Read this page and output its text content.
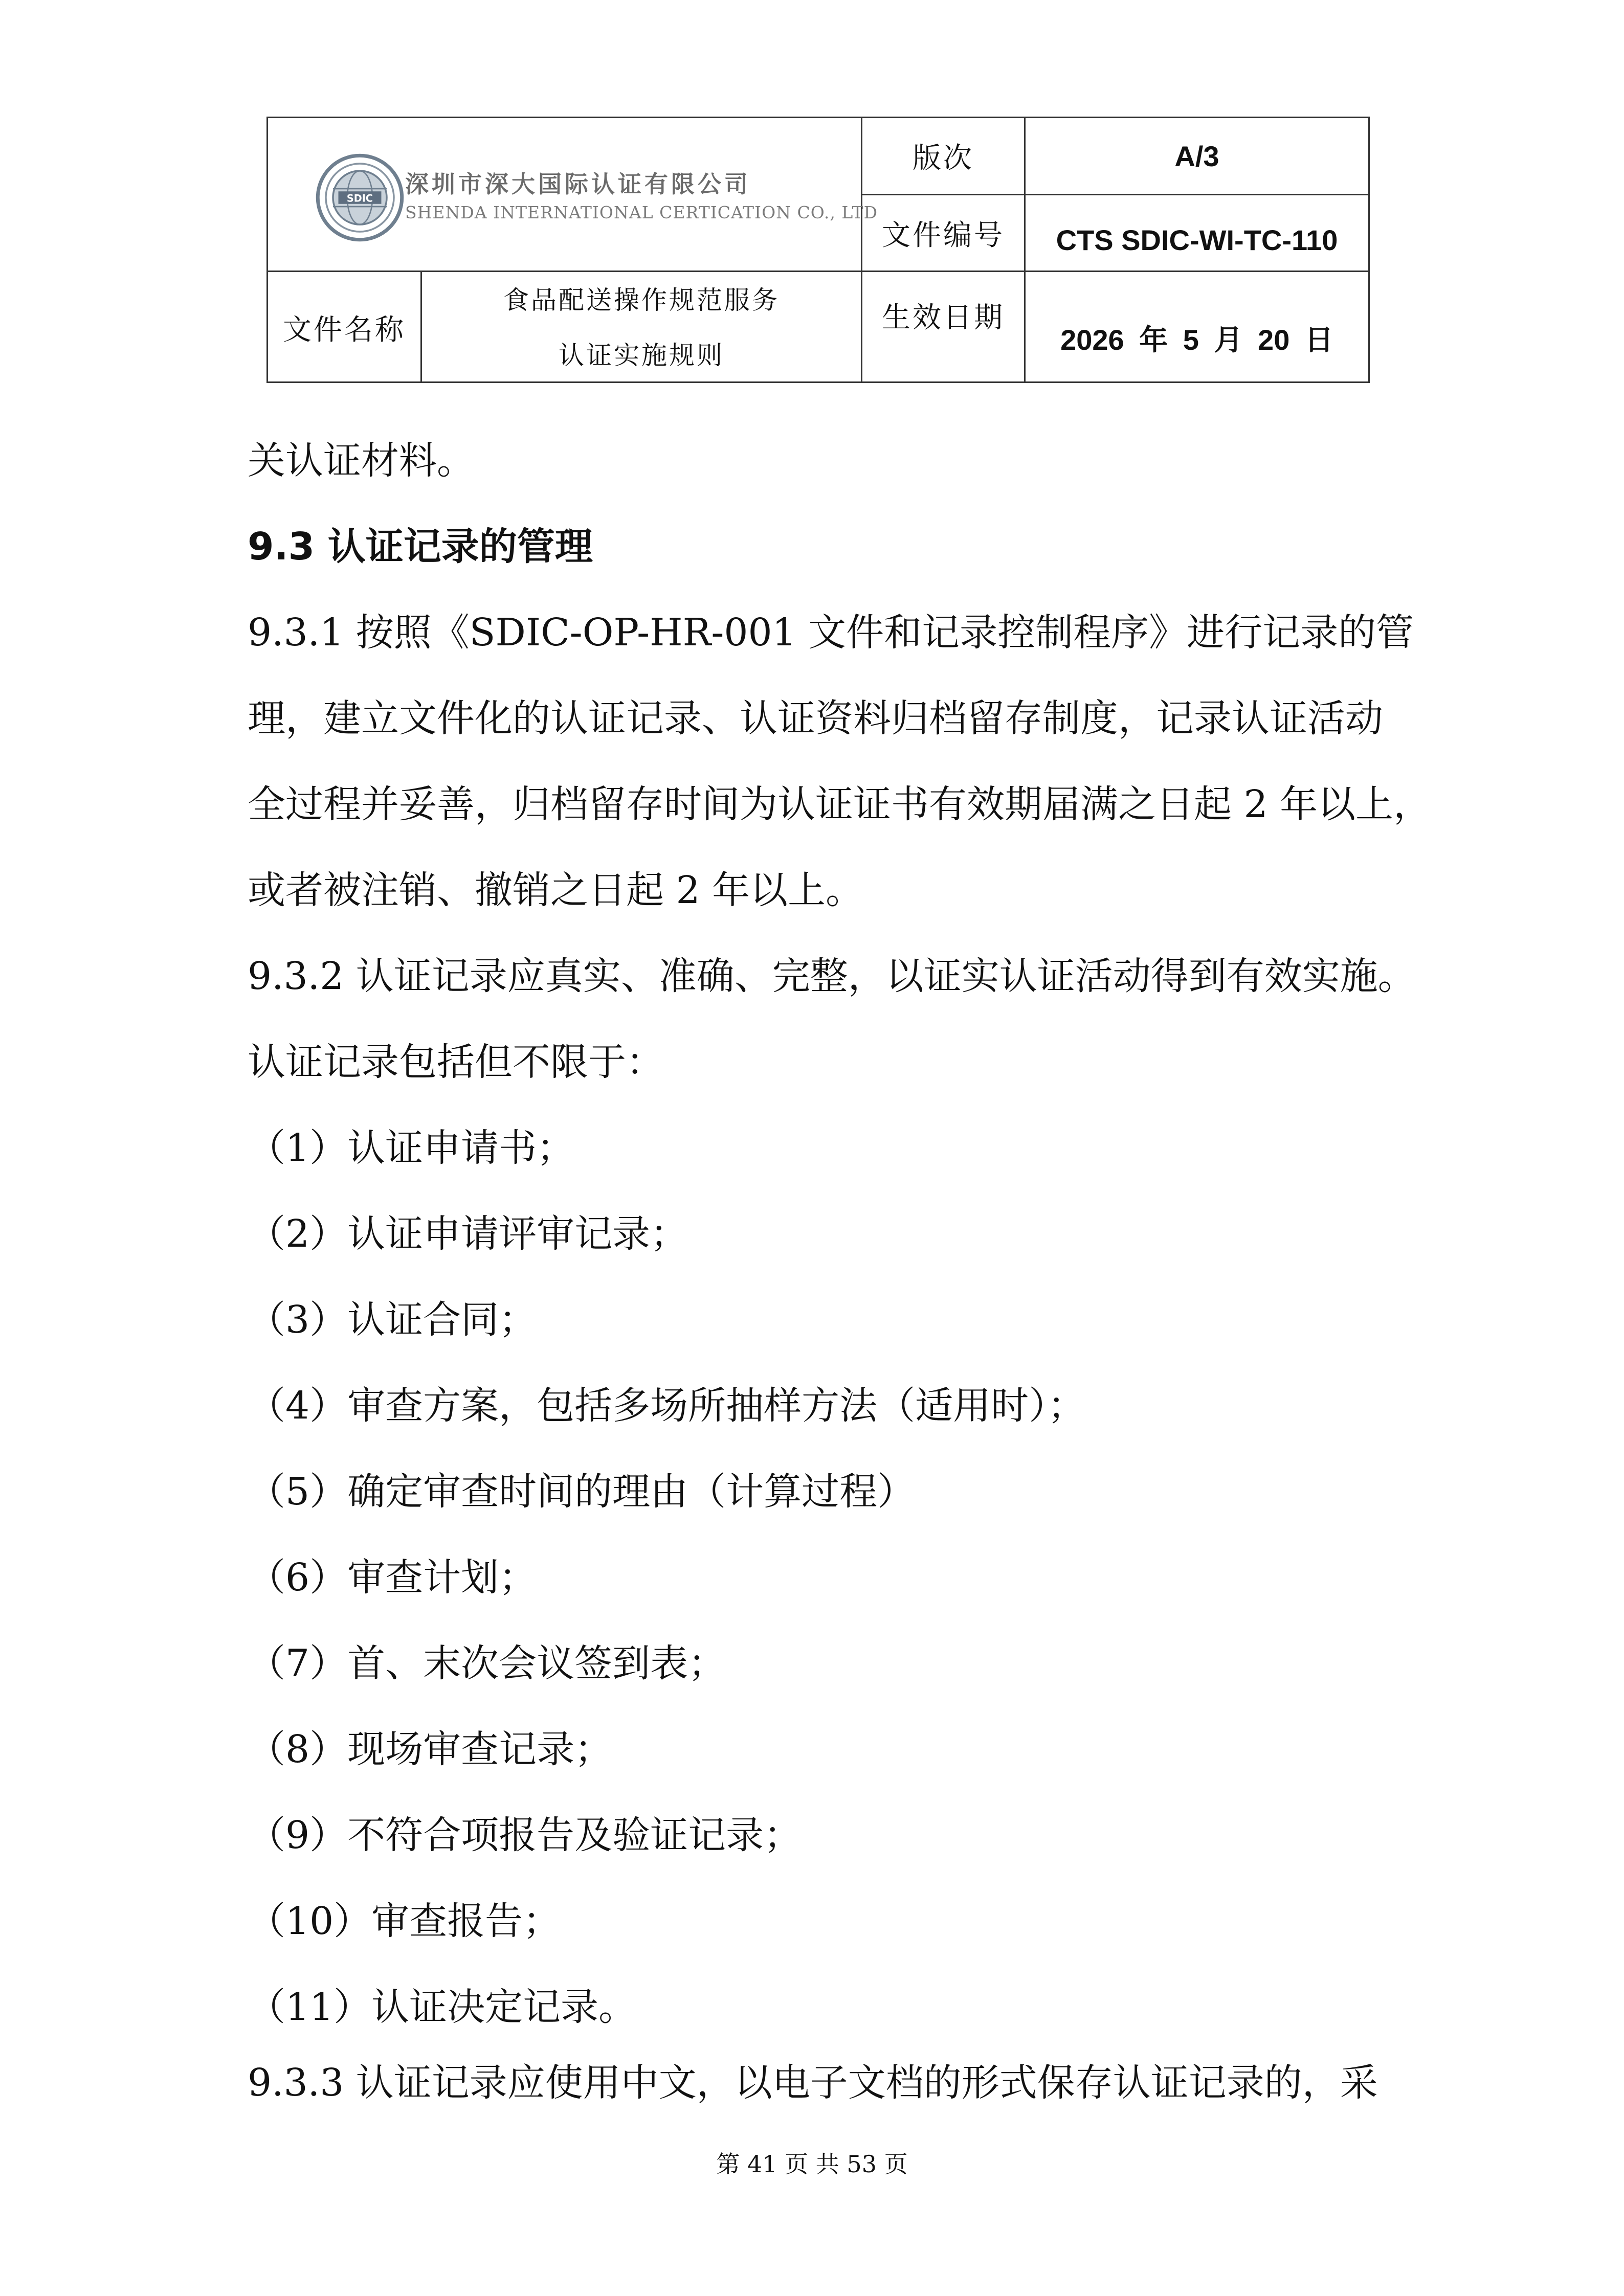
SDIC
深圳市深大国际认证有限公司
SHENDA INTERNATIONAL CERTICATION CO., LTD
版次	A/3
文件编号	CTS SDIC-WI-TC-110
文件名称
食品配送操作规范服务
认证实施规则
生效日期
2026 年 5 月 20 日
关认证材料。
9.3 认证记录的管理
9.3.1 按照《SDIC-OP-HR-001 文件和记录控制程序》进行记录的管
理，建立文件化的认证记录、认证资料归档留存制度，记录认证活动
全过程并妥善，归档留存时间为认证证书有效期届满之日起 2 年以上，
或者被注销、撤销之日起 2 年以上。
9.3.2 认证记录应真实、准确、完整，以证实认证活动得到有效实施。
认证记录包括但不限于：
（1）认证申请书；
（2）认证申请评审记录；
（3）认证合同；
（4）审查方案，包括多场所抽样方法（适用时）；
（5）确定审查时间的理由（计算过程）
（6）审查计划；
（7）首、末次会议签到表；
（8）现场审查记录；
（9）不符合项报告及验证记录；
（10）审查报告；
（11）认证决定记录。
9.3.3 认证记录应使用中文，以电子文档的形式保存认证记录的，采
第 41 页 共 53 页
